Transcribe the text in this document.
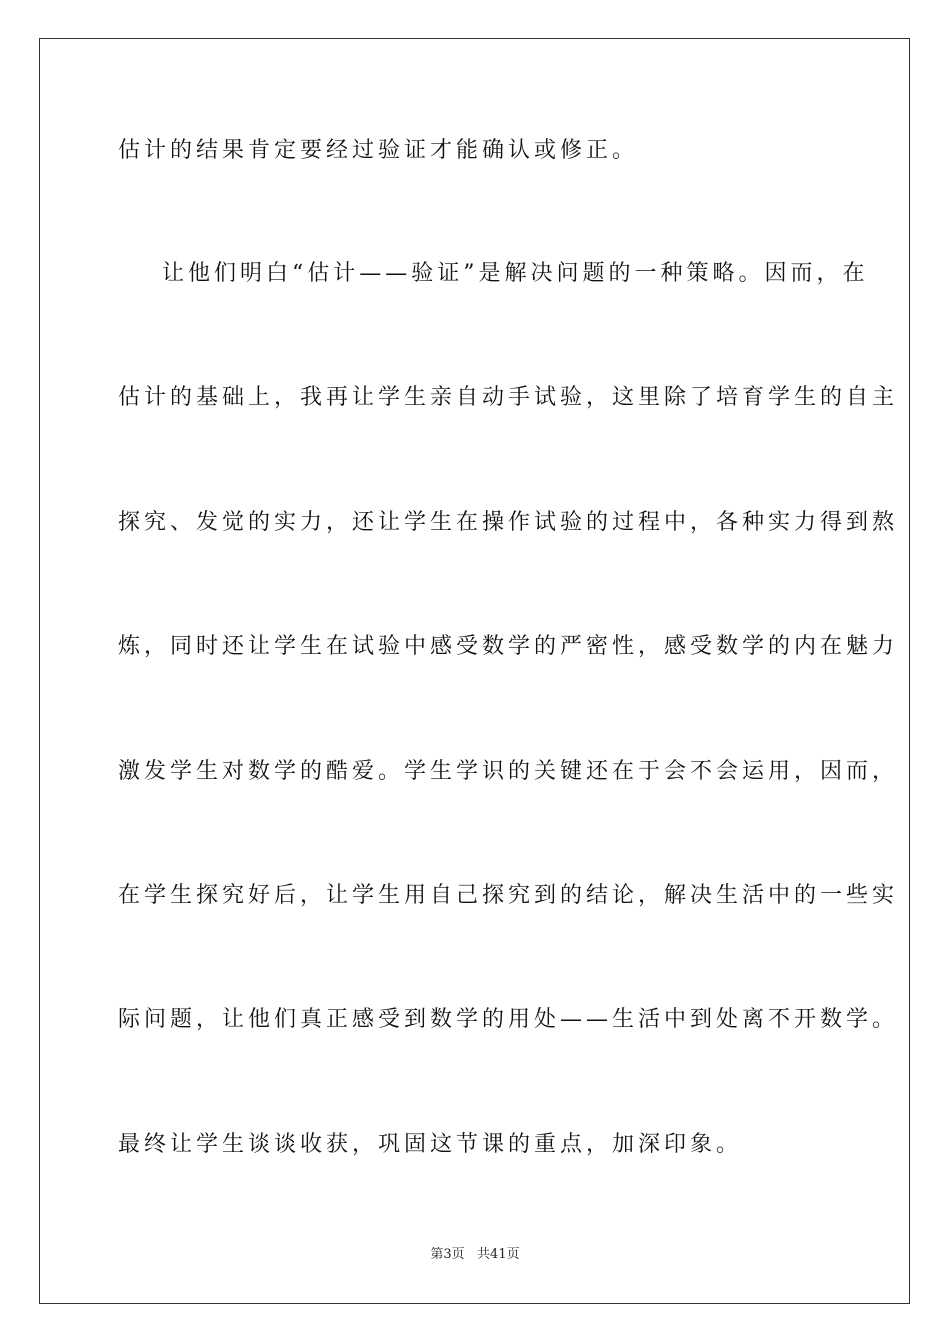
估计的结果肯定要经过验证才能确认或修正。
让他们明白“估计——验证”是解决问题的一种策略。因而，在
估计的基础上，我再让学生亲自动手试验，这里除了培育学生的自主
探究、发觉的实力，还让学生在操作试验的过程中，各种实力得到熬
炼，同时还让学生在试验中感受数学的严密性，感受数学的内在魅力
激发学生对数学的酷爱。学生学识的关键还在于会不会运用，因而，
在学生探究好后，让学生用自己探究到的结论，解决生活中的一些实
际问题，让他们真正感受到数学的用处——生活中到处离不开数学。
最终让学生谈谈收获，巩固这节课的重点，加深印象。
第3页   共41页
